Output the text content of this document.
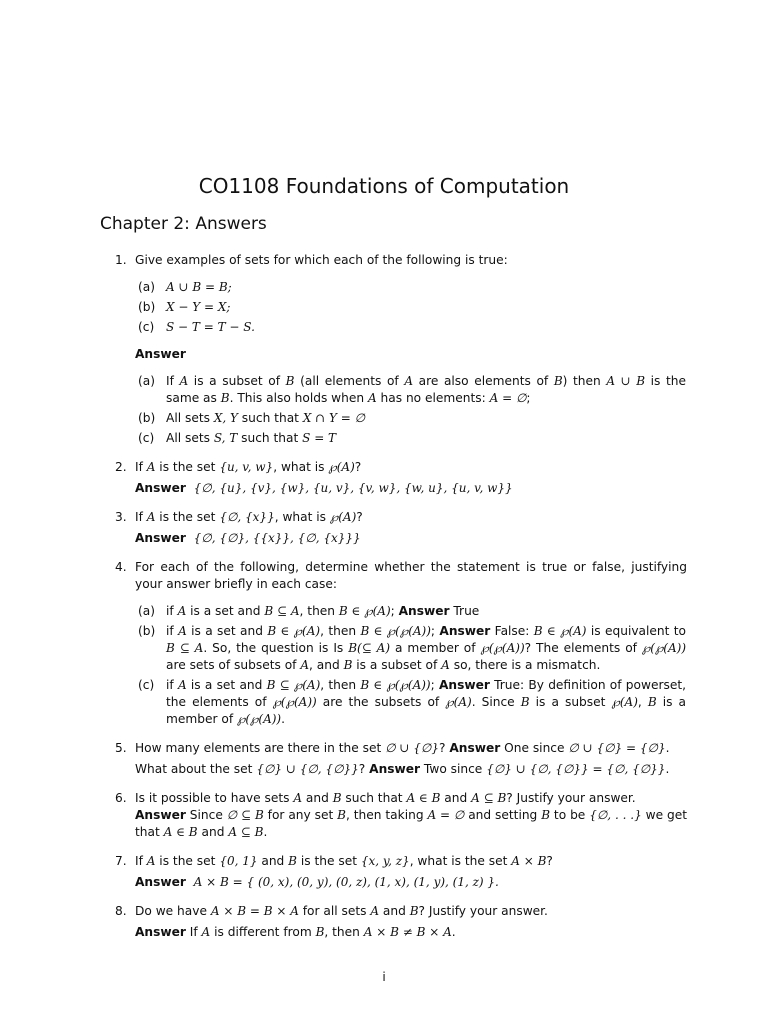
CO1108 Foundations of Computation
Chapter 2: Answers
1. Give examples of sets for which each of the following is true:
(a) A ∪ B = B;
(b) X − Y = X;
(c) S − T = T − S.
Answer
(a) If A is a subset of B (all elements of A are also elements of B) then A ∪ B is the same as B. This also holds when A has no elements: A = ∅;
(b) All sets X, Y such that X ∩ Y = ∅
(c) All sets S, T such that S = T
2. If A is the set {u, v, w}, what is ℘(A)?
Answer {∅, {u}, {v}, {w}, {u, v}, {v, w}, {w, u}, {u, v, w}}
3. If A is the set {∅, {x}}, what is ℘(A)?
Answer {∅, {∅}, {{x}}, {∅, {x}}}
4. For each of the following, determine whether the statement is true or false, justifying your answer briefly in each case:
(a) if A is a set and B ⊆ A, then B ∈ ℘(A); Answer True
(b) if A is a set and B ∈ ℘(A), then B ∈ ℘(℘(A)); Answer False: B ∈ ℘(A) is equivalent to B ⊆ A. So, the question is Is B(⊆ A) a member of ℘(℘(A))? The elements of ℘(℘(A)) are sets of subsets of A, and B is a subset of A so, there is a mismatch.
(c) if A is a set and B ⊆ ℘(A), then B ∈ ℘(℘(A)); Answer True: By definition of powerset, the elements of ℘(℘(A)) are the subsets of ℘(A). Since B is a subset ℘(A), B is a member of ℘(℘(A)).
5. How many elements are there in the set ∅ ∪ {∅}? Answer One since ∅ ∪ {∅} = {∅}.
What about the set {∅} ∪ {∅, {∅}}? Answer Two since {∅} ∪ {∅, {∅}} = {∅, {∅}}.
6. Is it possible to have sets A and B such that A ∈ B and A ⊆ B? Justify your answer.
Answer Since ∅ ⊆ B for any set B, then taking A = ∅ and setting B to be {∅, . . .} we get that A ∈ B and A ⊆ B.
7. If A is the set {0, 1} and B is the set {x, y, z}, what is the set A × B?
Answer A × B = { (0, x), (0, y), (0, z), (1, x), (1, y), (1, z) }.
8. Do we have A × B = B × A for all sets A and B? Justify your answer.
Answer If A is different from B, then A × B ≠ B × A.
i
